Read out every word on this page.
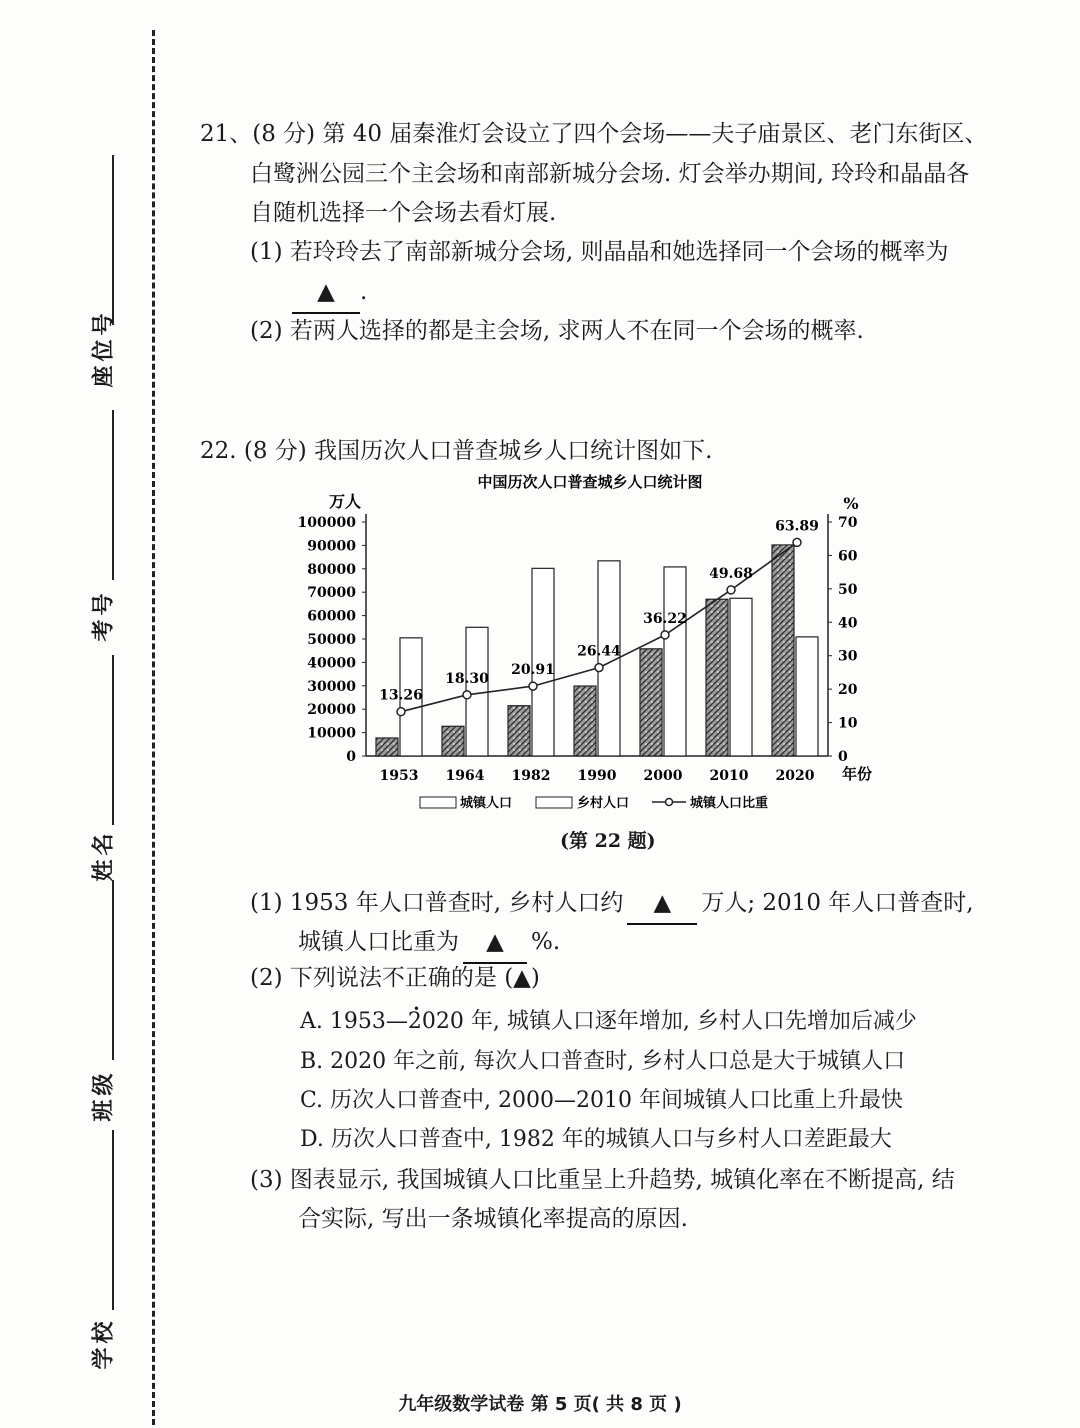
座位号
考号
姓名
班级
学校
21、(8 分) 第 40 届秦淮灯会设立了四个会场——夫子庙景区、老门东街区、
白鹭洲公园三个主会场和南部新城分会场. 灯会举办期间, 玲玲和晶晶各
自随机选择一个会场去看灯展.
(1) 若玲玲去了南部新城分会场, 则晶晶和她选择同一个会场的概率为
▲ .
(2) 若两人选择的都是主会场, 求两人不在同一个会场的概率.
22. (8 分) 我国历次人口普查城乡人口统计图如下.
中国历次人口普查城乡人口统计图
万人	%
年份
0
10000
20000
30000
40000
50000
60000
70000
80000
90000
100000
0
10
20
30
40
50
60
70
1953 1964 1982 1990 2000 2010 2020
13.26
18.30
20.91
26.44
36.22
49.68
63.89
城镇人口	乡村人口	城镇人口比重
(第 22 题)
(1) 1953 年人口普查时, 乡村人口约 ▲ 万人; 2010 年人口普查时,
城镇人口比重为 ▲ %.
(2) 下列说法不正确的是 (▲)
A. 1953—2020 年, 城镇人口逐年增加, 乡村人口先增加后减少
B. 2020 年之前, 每次人口普查时, 乡村人口总是大于城镇人口
C. 历次人口普查中, 2000—2010 年间城镇人口比重上升最快
D. 历次人口普查中, 1982 年的城镇人口与乡村人口差距最大
(3) 图表显示, 我国城镇人口比重呈上升趋势, 城镇化率在不断提高, 结
合实际, 写出一条城镇化率提高的原因.
九年级数学试卷 第 5 页( 共 8 页 )
